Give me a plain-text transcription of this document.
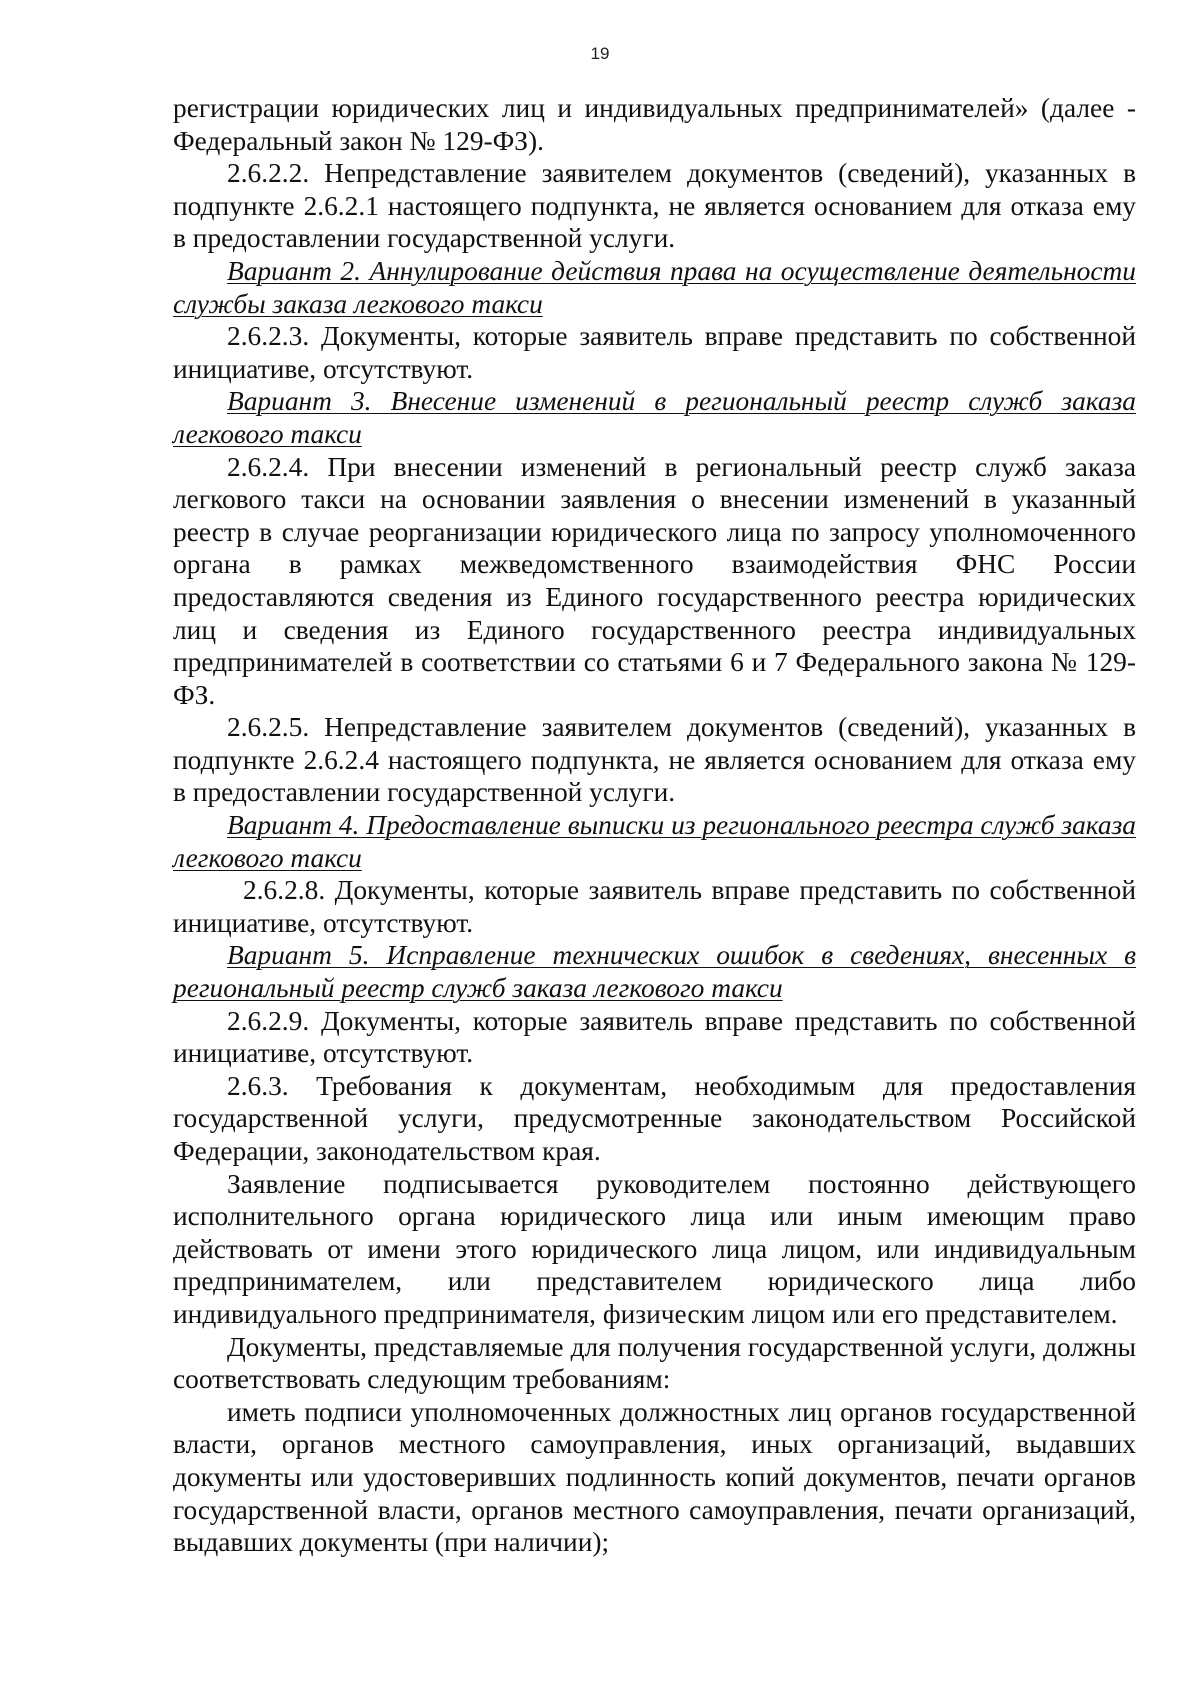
19

регистрации юридических лиц и индивидуальных предпринимателей» (далее - Федеральный закон № 129-ФЗ).

2.6.2.2. Непредставление заявителем документов (сведений), указанных в подпункте 2.6.2.1 настоящего подпункта, не является основанием для отказа ему в предоставлении государственной услуги.

Вариант 2. Аннулирование действия права на осуществление деятельности службы заказа легкового такси

2.6.2.3. Документы, которые заявитель вправе представить по собственной инициативе, отсутствуют.

Вариант 3. Внесение изменений в региональный реестр служб заказа легкового такси

2.6.2.4. При внесении изменений в региональный реестр служб заказа легкового такси на основании заявления о внесении изменений в указанный реестр в случае реорганизации юридического лица по запросу уполномоченного органа в рамках межведомственного взаимодействия ФНС России предоставляются сведения из Единого государственного реестра юридических лиц и сведения из Единого государственного реестра индивидуальных предпринимателей в соответствии со статьями 6 и 7 Федерального закона № 129-ФЗ.

2.6.2.5. Непредставление заявителем документов (сведений), указанных в подпункте 2.6.2.4 настоящего подпункта, не является основанием для отказа ему в предоставлении государственной услуги.

Вариант 4. Предоставление выписки из регионального реестра служб заказа легкового такси

2.6.2.8. Документы, которые заявитель вправе представить по собственной инициативе, отсутствуют.

Вариант 5. Исправление технических ошибок в сведениях, внесенных в региональный реестр служб заказа легкового такси

2.6.2.9. Документы, которые заявитель вправе представить по собственной инициативе, отсутствуют.

2.6.3. Требования к документам, необходимым для предоставления государственной услуги, предусмотренные законодательством Российской Федерации, законодательством края.

Заявление подписывается руководителем постоянно действующего исполнительного органа юридического лица или иным имеющим право действовать от имени этого юридического лица лицом, или индивидуальным предпринимателем, или представителем юридического лица либо индивидуального предпринимателя, физическим лицом или его представителем.

Документы, представляемые для получения государственной услуги, должны соответствовать следующим требованиям:

иметь подписи уполномоченных должностных лиц органов государственной власти, органов местного самоуправления, иных организаций, выдавших документы или удостоверивших подлинность копий документов, печати органов государственной власти, органов местного самоуправления, печати организаций, выдавших документы (при наличии);
